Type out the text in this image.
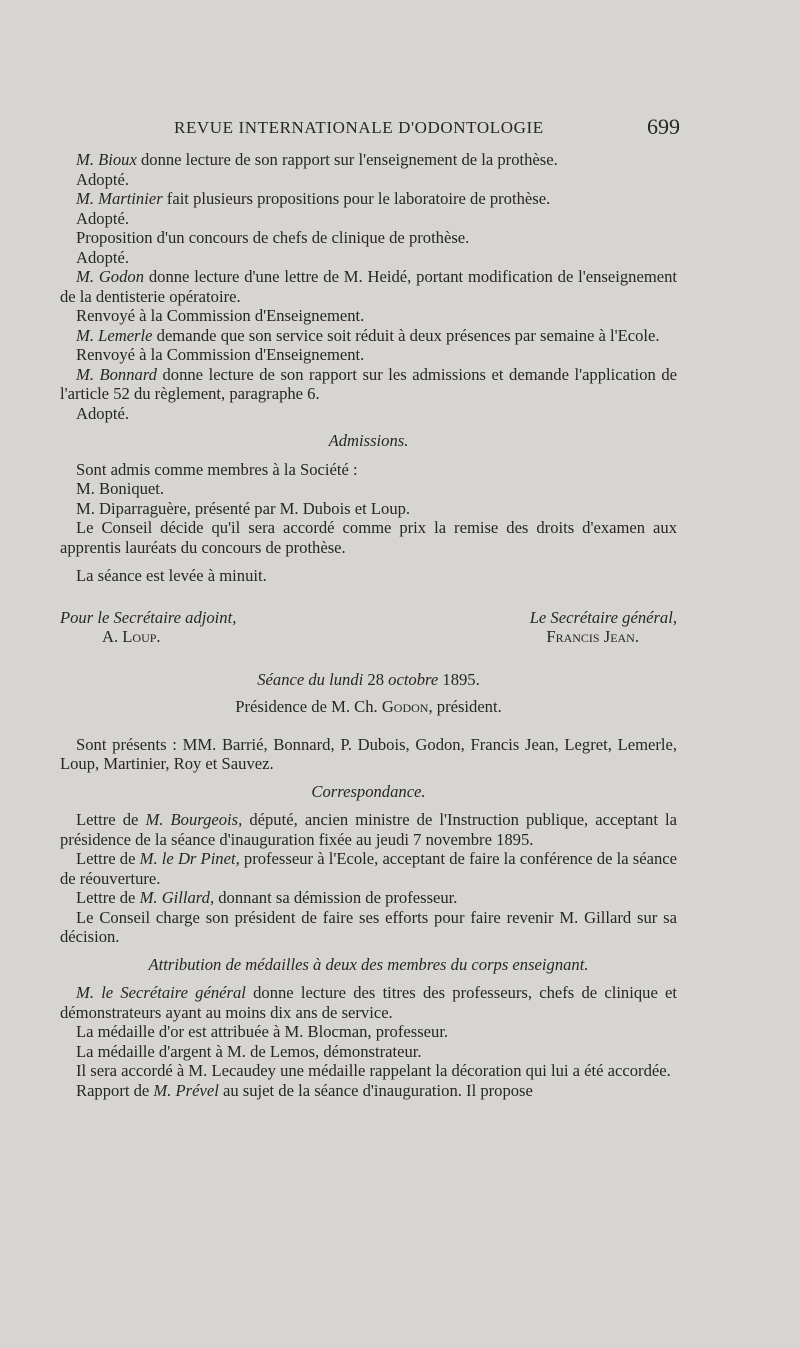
REVUE INTERNATIONALE D'ODONTOLOGIE	699

M. Bioux donne lecture de son rapport sur l'enseignement de la prothèse.

Adopté.

M. Martinier fait plusieurs propositions pour le laboratoire de prothèse.

Adopté.

Proposition d'un concours de chefs de clinique de prothèse.

Adopté.

M. Godon donne lecture d'une lettre de M. Heidé, portant modification de l'enseignement de la dentisterie opératoire.

Renvoyé à la Commission d'Enseignement.

M. Lemerle demande que son service soit réduit à deux présences par semaine à l'Ecole.

Renvoyé à la Commission d'Enseignement.

M. Bonnard donne lecture de son rapport sur les admissions et demande l'application de l'article 52 du règlement, paragraphe 6.

Adopté.

Admissions.

Sont admis comme membres à la Société :

M. Boniquet.

M. Diparraguère, présenté par M. Dubois et Loup.

Le Conseil décide qu'il sera accordé comme prix la remise des droits d'examen aux apprentis lauréats du concours de prothèse.

La séance est levée à minuit.

Pour le Secrétaire adjoint,
A. Loup.
Le Secrétaire général,
Francis Jean.
Séance du lundi 28 octobre 1895.

Présidence de M. Ch. Godon, président.

Sont présents : MM. Barrié, Bonnard, P. Dubois, Godon, Francis Jean, Legret, Lemerle, Loup, Martinier, Roy et Sauvez.

Correspondance.

Lettre de M. Bourgeois, député, ancien ministre de l'Instruction publique, acceptant la présidence de la séance d'inauguration fixée au jeudi 7 novembre 1895.

Lettre de M. le Dr Pinet, professeur à l'Ecole, acceptant de faire la conférence de la séance de réouverture.

Lettre de M. Gillard, donnant sa démission de professeur.

Le Conseil charge son président de faire ses efforts pour faire revenir M. Gillard sur sa décision.

Attribution de médailles à deux des membres du corps enseignant.

M. le Secrétaire général donne lecture des titres des professeurs, chefs de clinique et démonstrateurs ayant au moins dix ans de service.

La médaille d'or est attribuée à M. Blocman, professeur.

La médaille d'argent à M. de Lemos, démonstrateur.

Il sera accordé à M. Lecaudey une médaille rappelant la décoration qui lui a été accordée.

Rapport de M. Prével au sujet de la séance d'inauguration. Il propose
